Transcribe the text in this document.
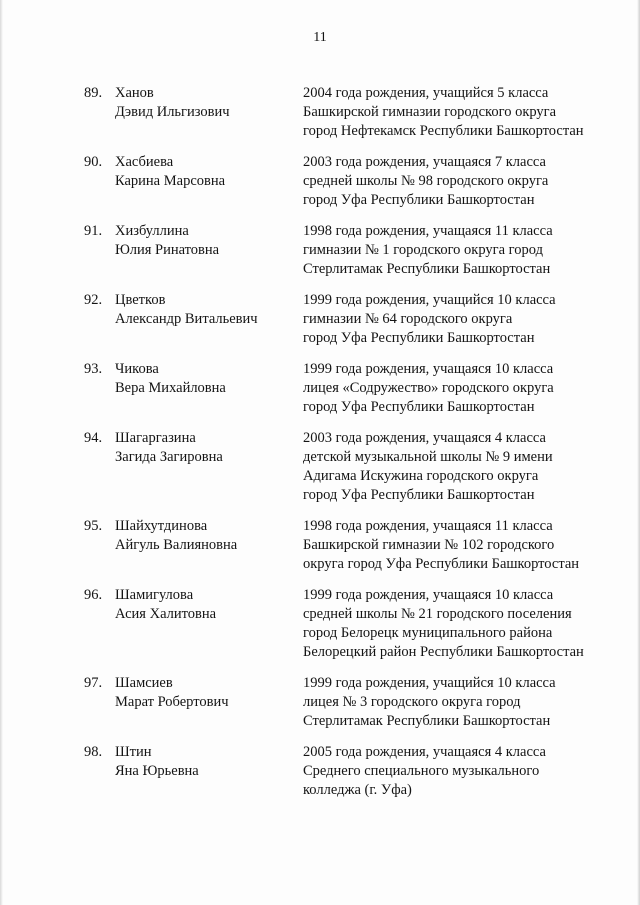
11
89. Ханов
Дэвид Ильгизович
2004 года рождения, учащийся 5 класса
Башкирской гимназии городского округа
город Нефтекамск Республики Башкортостан
90. Хасбиева
Карина Марсовна
2003 года рождения, учащаяся 7 класса
средней школы № 98 городского округа
город Уфа Республики Башкортостан
91. Хизбуллина
Юлия Ринатовна
1998 года рождения, учащаяся 11 класса
гимназии № 1 городского округа город
Стерлитамак Республики Башкортостан
92. Цветков
Александр Витальевич
1999 года рождения, учащийся 10 класса
гимназии № 64 городского округа
город Уфа Республики Башкортостан
93. Чикова
Вера Михайловна
1999 года рождения, учащаяся 10 класса
лицея «Содружество» городского округа
город Уфа Республики Башкортостан
94. Шагаргазина
Загида Загировна
2003 года рождения, учащаяся 4 класса
детской музыкальной школы № 9 имени
Адигама Искужина городского округа
город Уфа Республики Башкортостан
95. Шайхутдинова
Айгуль Валияновна
1998 года рождения, учащаяся 11 класса
Башкирской гимназии № 102 городского
округа город Уфа Республики Башкортостан
96. Шамигулова
Асия Халитовна
1999 года рождения, учащаяся 10 класса
средней школы № 21 городского поселения
город Белорецк муниципального района
Белорецкий район Республики Башкортостан
97. Шамсиев
Марат Робертович
1999 года рождения, учащийся 10 класса
лицея № 3 городского округа город
Стерлитамак Республики Башкортостан
98. Штин
Яна Юрьевна
2005 года рождения, учащаяся 4 класса
Среднего специального музыкального
колледжа (г. Уфа)
